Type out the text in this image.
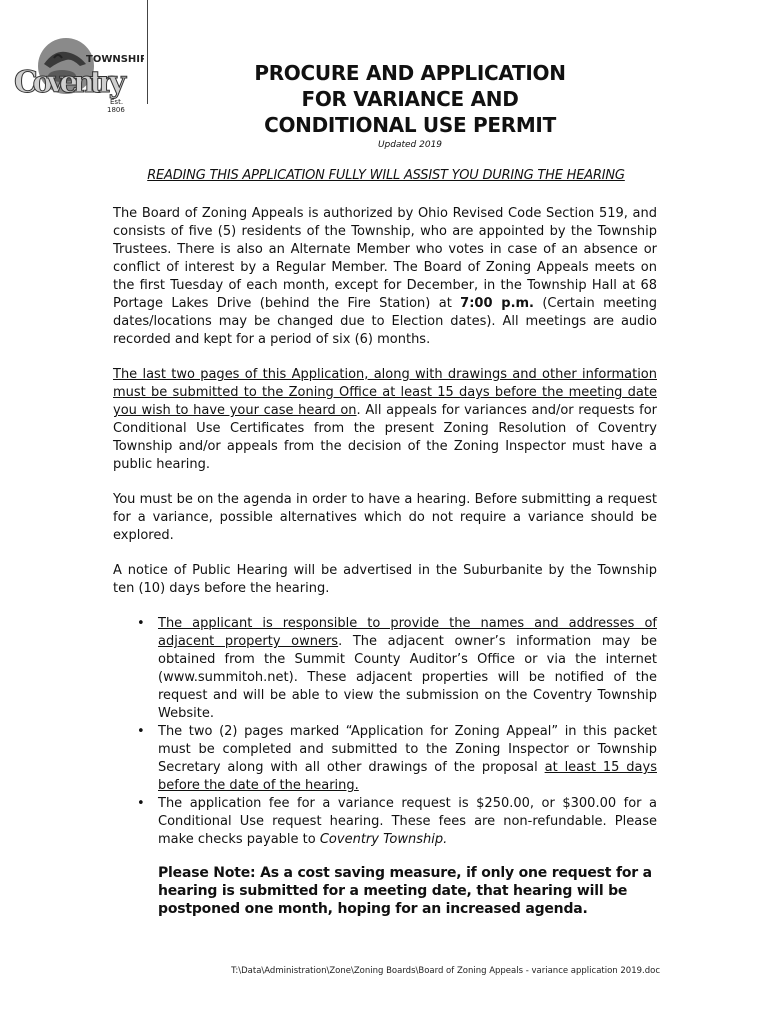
TOWNSHIP
Coventry
Est.
1806
PROCURE AND APPLICATION
FOR VARIANCE AND
CONDITIONAL USE PERMIT
Updated 2019
READING THIS APPLICATION FULLY WILL ASSIST YOU DURING THE HEARING

The Board of Zoning Appeals is authorized by Ohio Revised Code Section 519, and consists of five (5) residents of the Township, who are appointed by the Township Trustees. There is also an Alternate Member who votes in case of an absence or conflict of interest by a Regular Member. The Board of Zoning Appeals meets on the first Tuesday of each month, except for December, in the Township Hall at 68 Portage Lakes Drive (behind the Fire Station) at 7:00 p.m. (Certain meeting dates/locations may be changed due to Election dates). All meetings are audio recorded and kept for a period of six (6) months.

The last two pages of this Application, along with drawings and other information must be submitted to the Zoning Office at least 15 days before the meeting date you wish to have your case heard on. All appeals for variances and/or requests for Conditional Use Certificates from the present Zoning Resolution of Coventry Township and/or appeals from the decision of the Zoning Inspector must have a public hearing.

You must be on the agenda in order to have a hearing. Before submitting a request for a variance, possible alternatives which do not require a variance should be explored.

A notice of Public Hearing will be advertised in the Suburbanite by the Township ten (10) days before the hearing.

• The applicant is responsible to provide the names and addresses of adjacent property owners. The adjacent owner’s information may be obtained from the Summit County Auditor’s Office or via the internet (www.summitoh.net). These adjacent properties will be notified of the request and will be able to view the submission on the Coventry Township Website.
• The two (2) pages marked “Application for Zoning Appeal” in this packet must be completed and submitted to the Zoning Inspector or Township Secretary along with all other drawings of the proposal at least 15 days before the date of the hearing.
• The application fee for a variance request is $250.00, or $300.00 for a Conditional Use request hearing. These fees are non-refundable. Please make checks payable to Coventry Township.
Please Note: As a cost saving measure, if only one request for a hearing is submitted for a meeting date, that hearing will be postponed one month, hoping for an increased agenda.
T:\Data\Administration\Zone\Zoning Boards\Board of Zoning Appeals - variance application 2019.doc
